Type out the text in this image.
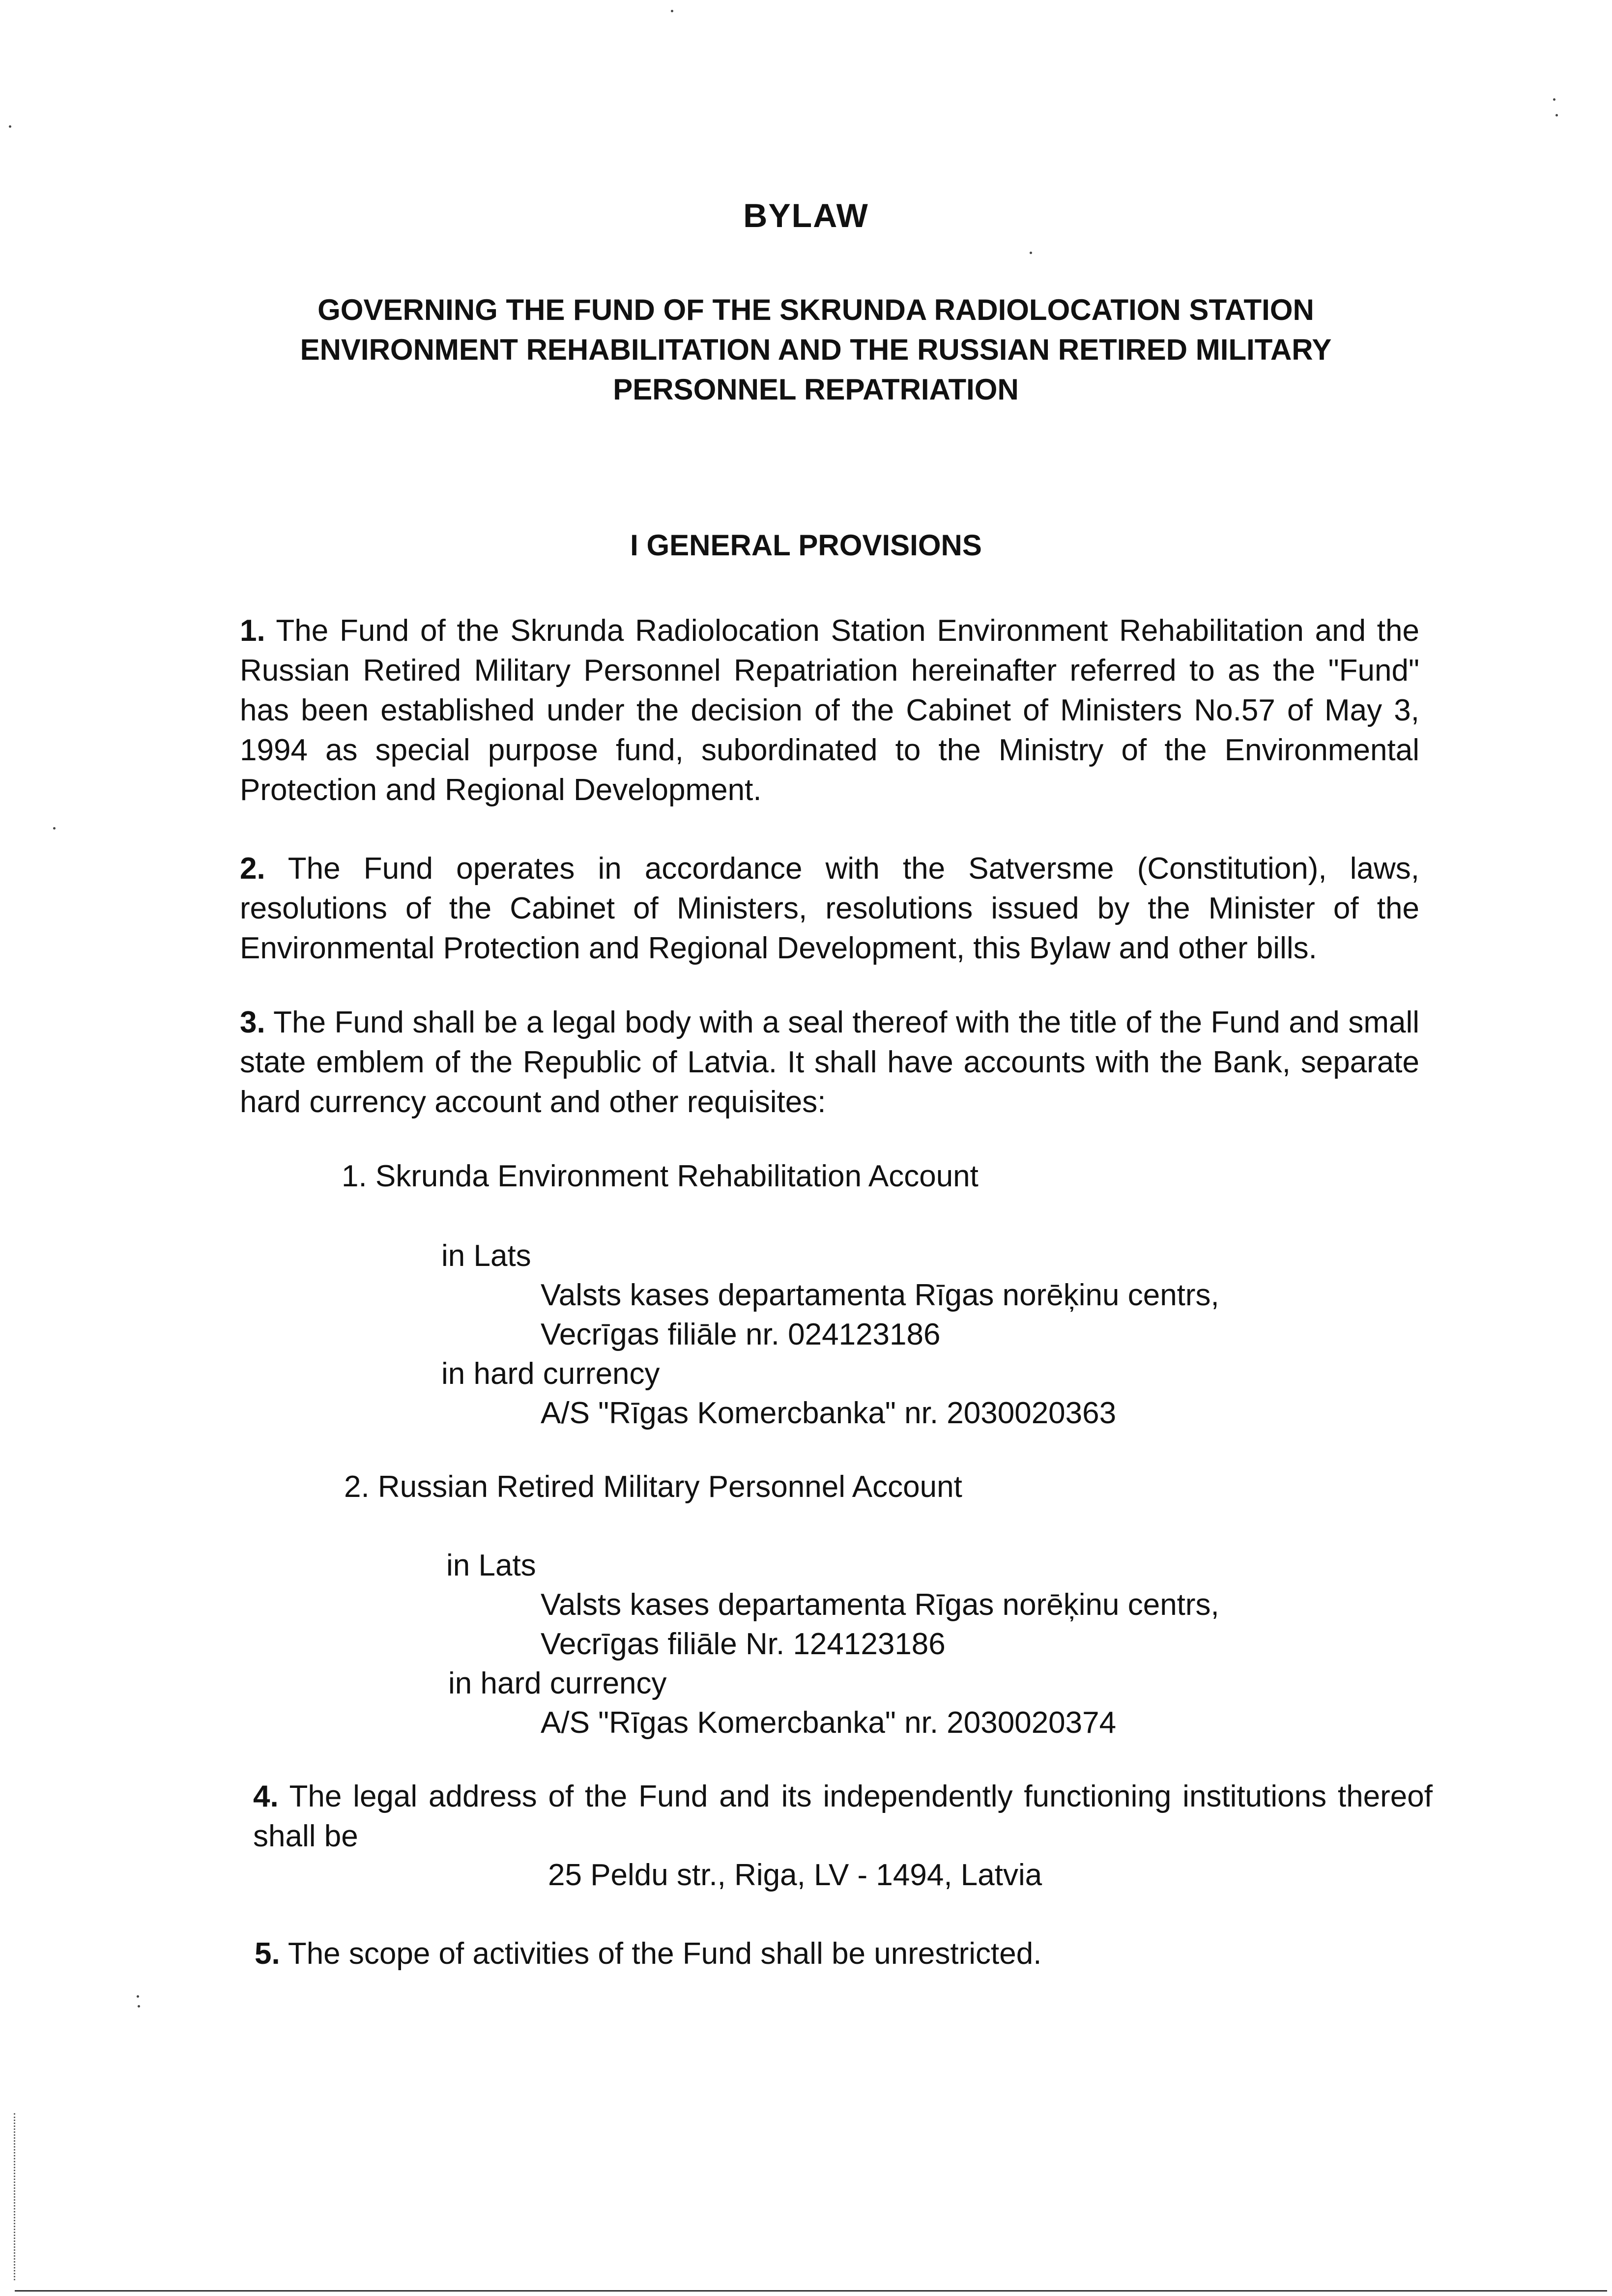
BYLAW
GOVERNING THE FUND OF THE SKRUNDA RADIOLOCATION STATION
ENVIRONMENT REHABILITATION AND THE RUSSIAN RETIRED MILITARY
PERSONNEL REPATRIATION
I GENERAL PROVISIONS
1. The Fund of the Skrunda Radiolocation Station Environment Rehabilitation and the Russian Retired Military Personnel Repatriation hereinafter referred to as the "Fund" has been established under the decision of the Cabinet of Ministers No.57 of May 3, 1994 as special purpose fund, subordinated to the Ministry of the Environmental Protection and Regional Development.
2. The Fund operates in accordance with the Satversme (Constitution), laws, resolutions of the Cabinet of Ministers, resolutions issued by the Minister of the Environmental Protection and Regional Development, this Bylaw and other bills.
3. The Fund shall be a legal body with a seal thereof with the title of the Fund and small state emblem of the Republic of Latvia. It shall have accounts with the Bank, separate hard currency account and other requisites:
1. Skrunda Environment Rehabilitation Account
in Lats
Valsts kases departamenta Rīgas norēķinu centrs,
Vecrīgas filiāle nr. 024123186
in hard currency
A/S "Rīgas Komercbanka" nr. 2030020363
2. Russian Retired Military Personnel Account
in Lats
Valsts kases departamenta Rīgas norēķinu centrs,
Vecrīgas filiāle Nr. 124123186
in hard currency
A/S "Rīgas Komercbanka" nr. 2030020374
4. The legal address of the Fund and its independently functioning institutions thereof shall be
25 Peldu str., Riga, LV - 1494, Latvia
5. The scope of activities of the Fund shall be unrestricted.
